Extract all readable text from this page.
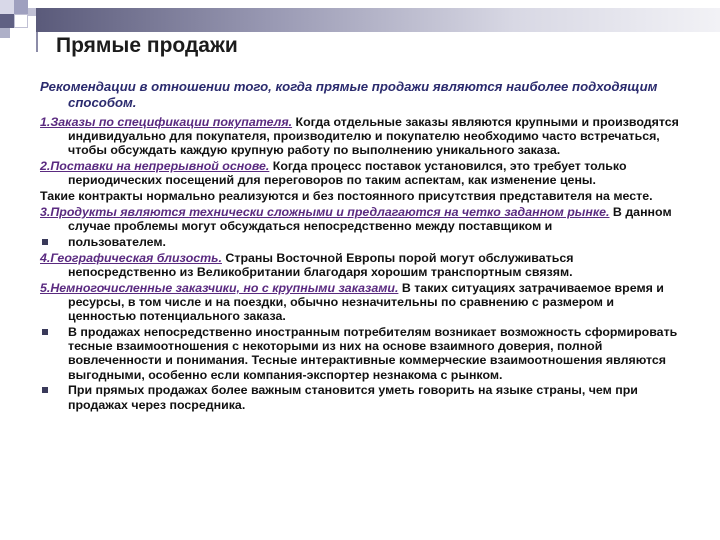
Прямые продажи

Рекомендации в отношении того, когда прямые продажи являются наиболее подходящим способом.

1.Заказы по спецификации покупателя. Когда отдельные заказы являются крупными и производятся индивидуально для покупателя, производителю и покупателю необходимо часто встречаться, чтобы обсуждать каждую крупную работу по выполнению уникального заказа.

2.Поставки на непрерывной основе. Когда процесс поставок установился, это требует только периодических посещений для переговоров по таким аспектам, как изменение цены.

Такие контракты нормально реализуются и без постоянного присутствия представителя на месте.

3.Продукты являются технически сложными и предлагаются на четко заданном рынке. В данном случае проблемы могут обсуждаться непосредственно между поставщиком и

пользователем.

4.Географическая близость. Страны Восточной Европы порой могут обслуживаться непосредственно из Великобритании благодаря хорошим транспортным связям.

5.Немногочисленные заказчики, но с крупными заказами. В таких ситуациях затрачиваемое время и ресурсы, в том числе и на поездки, обычно незначительны по сравнению с размером и ценностью потенциального заказа.

В продажах непосредственно иностранным потребителям возникает возможность сформировать тесные взаимоотношения с некоторыми из них на основе взаимного доверия, полной вовлеченности и понимания. Тесные интерактивные коммерческие взаимоотношения являются выгодными, особенно если компания-экспортер незнакома с рынком.

При прямых продажах более важным становится уметь говорить на языке страны, чем при продажах через посредника.
